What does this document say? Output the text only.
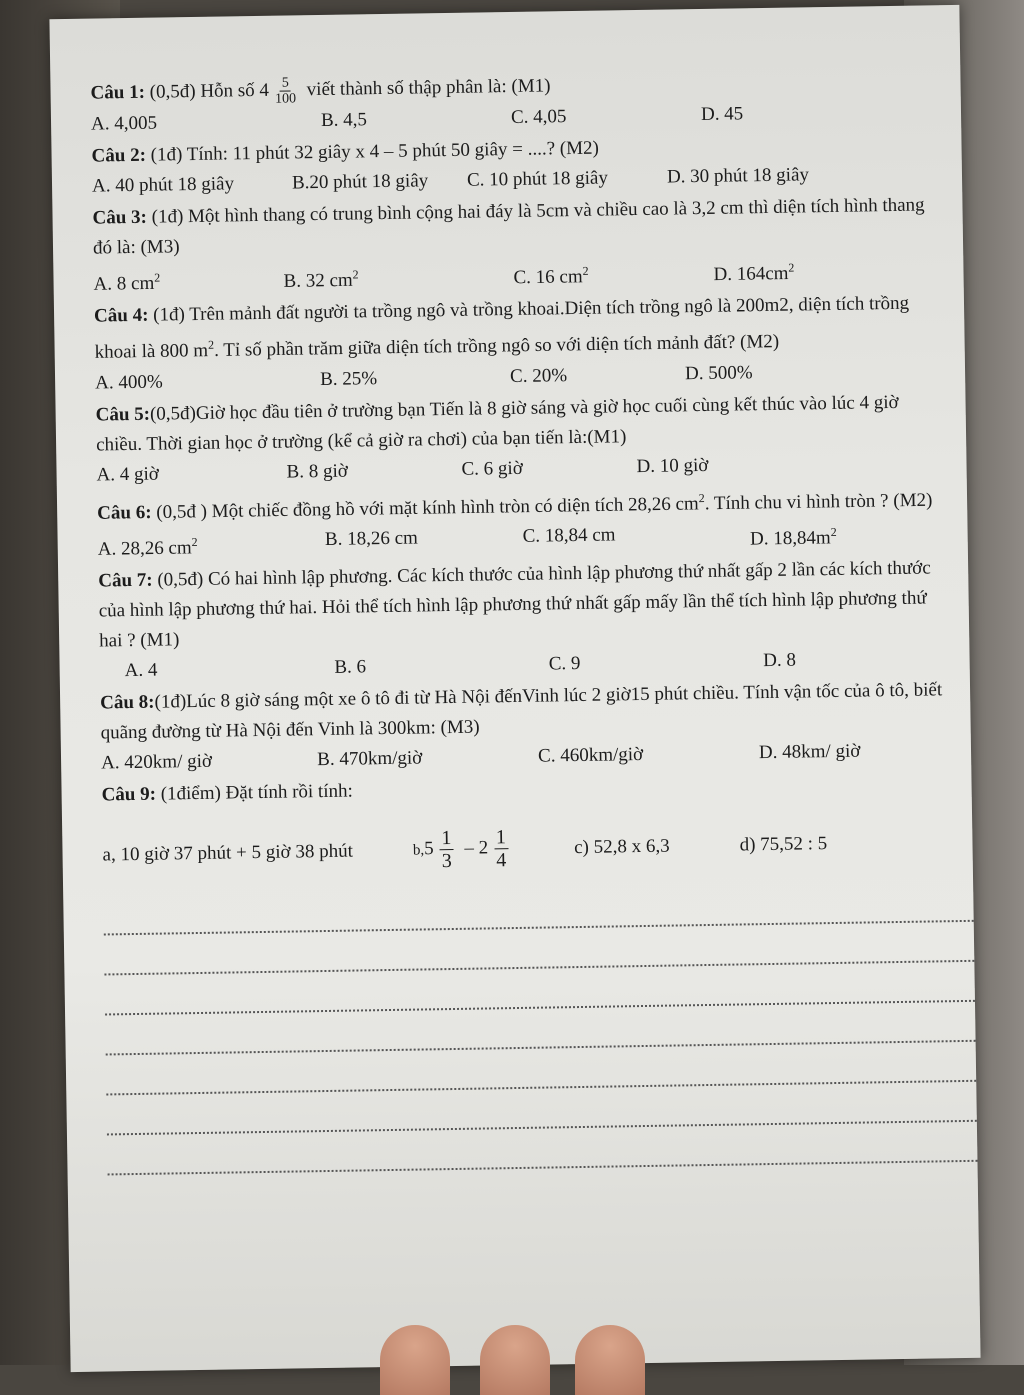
Câu 1: (0,5đ) Hỗn số $4 \frac{5}{100}$ viết thành số thập phân là: (M1)

A. 4,005	B. 4,5	C. 4,05	D. 45

Câu 2: (1đ) Tính: 11 phút 32 giây x 4 – 5 phút 50 giây = ....? (M2)

A. 40 phút 18 giây	B.20 phút 18 giây	C. 10 phút 18 giây	D. 30 phút 18 giây

Câu 3: (1đ) Một hình thang có trung bình cộng hai đáy là 5cm và chiều cao là 3,2 cm thì diện tích hình thang đó là: (M3)

A. 8 $cm^2$	B. 32 $cm^2$	C. 16 $cm^2$	D. $164cm^2$

Câu 4: (1đ) Trên mảnh đất người ta trồng ngô và trồng khoai.Diện tích trồng ngô là 200m2, diện tích trồng khoai là 800 $m^2$. Tỉ số phần trăm giữa diện tích trồng ngô so với diện tích mảnh đất? (M2)

A. 400%	B. 25%	C. 20%	D. 500%

Câu 5:(0,5đ)Giờ học đầu tiên ở trường bạn Tiến là 8 giờ sáng và giờ học cuối cùng kết thúc vào lúc 4 giờ chiều. Thời gian học ở trường (kể cả giờ ra chơi) của bạn tiến là:(M1)

A. 4 giờ	B. 8 giờ	C. 6 giờ	D. 10 giờ

Câu 6: (0,5đ ) Một chiếc đồng hồ với mặt kính hình tròn có diện tích 28,26 $cm^2$. Tính chu vi hình tròn ? (M2)

A. 28,26 $cm^2$	B. 18,26 cm	C. 18,84 cm	D. $18,84m^2$

Câu 7: (0,5đ) Có hai hình lập phương. Các kích thước của hình lập phương thứ nhất gấp 2 lần các kích thước của hình lập phương thứ hai. Hỏi thể tích hình lập phương thứ nhất gấp mấy lần thể tích hình lập phương thứ hai ? (M1)

A. 4	B. 6	C. 9	D. 8

Câu 8:(1đ)Lúc 8 giờ sáng một xe ô tô đi từ Hà Nội đếnVinh lúc 2 giờ15 phút chiều. Tính vận tốc của ô tô, biết quãng đường từ Hà Nội đến Vinh là 300km: (M3)

A. 420km/ giờ	B. 470km/giờ	C. 460km/giờ	D. 48km/ giờ

Câu 9: (1điểm) Đặt tính rồi tính:

a, 10 giờ 37 phút + 5 giờ 38 phút	$b,5 \frac{1}{3} - 2 \frac{1}{4}$	c) 52,8 x 6,3	d) 75,52 : 5
